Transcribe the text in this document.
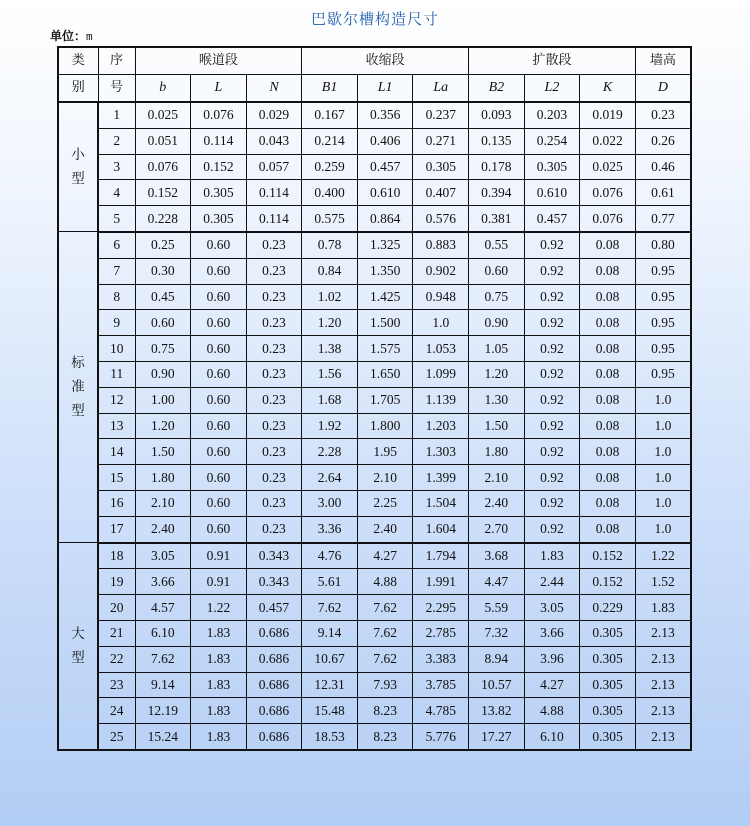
巴歇尔槽构造尺寸
单位：m
类	序	喉道段			收缩段			扩散段			墙高
别	号	b	L	N	B1	L1	La	B2	L2	K	D

小
型	1	0.025	0.076	0.029	0.167	0.356	0.237	0.093	0.203	0.019	0.23
	2	0.051	0.114	0.043	0.214	0.406	0.271	0.135	0.254	0.022	0.26
	3	0.076	0.152	0.057	0.259	0.457	0.305	0.178	0.305	0.025	0.46
	4	0.152	0.305	0.114	0.400	0.610	0.407	0.394	0.610	0.076	0.61
	5	0.228	0.305	0.114	0.575	0.864	0.576	0.381	0.457	0.076	0.77

标
准
型	6	0.25	0.60	0.23	0.78	1.325	0.883	0.55	0.92	0.08	0.80
	7	0.30	0.60	0.23	0.84	1.350	0.902	0.60	0.92	0.08	0.95
	8	0.45	0.60	0.23	1.02	1.425	0.948	0.75	0.92	0.08	0.95
	9	0.60	0.60	0.23	1.20	1.500	1.0	0.90	0.92	0.08	0.95
	10	0.75	0.60	0.23	1.38	1.575	1.053	1.05	0.92	0.08	0.95
	11	0.90	0.60	0.23	1.56	1.650	1.099	1.20	0.92	0.08	0.95
	12	1.00	0.60	0.23	1.68	1.705	1.139	1.30	0.92	0.08	1.0
	13	1.20	0.60	0.23	1.92	1.800	1.203	1.50	0.92	0.08	1.0
	14	1.50	0.60	0.23	2.28	1.95	1.303	1.80	0.92	0.08	1.0
	15	1.80	0.60	0.23	2.64	2.10	1.399	2.10	0.92	0.08	1.0
	16	2.10	0.60	0.23	3.00	2.25	1.504	2.40	0.92	0.08	1.0
	17	2.40	0.60	0.23	3.36	2.40	1.604	2.70	0.92	0.08	1.0

大
型	18	3.05	0.91	0.343	4.76	4.27	1.794	3.68	1.83	0.152	1.22
	19	3.66	0.91	0.343	5.61	4.88	1.991	4.47	2.44	0.152	1.52
	20	4.57	1.22	0.457	7.62	7.62	2.295	5.59	3.05	0.229	1.83
	21	6.10	1.83	0.686	9.14	7.62	2.785	7.32	3.66	0.305	2.13
	22	7.62	1.83	0.686	10.67	7.62	3.383	8.94	3.96	0.305	2.13
	23	9.14	1.83	0.686	12.31	7.93	3.785	10.57	4.27	0.305	2.13
	24	12.19	1.83	0.686	15.48	8.23	4.785	13.82	4.88	0.305	2.13
	25	15.24	1.83	0.686	18.53	8.23	5.776	17.27	6.10	0.305	2.13
